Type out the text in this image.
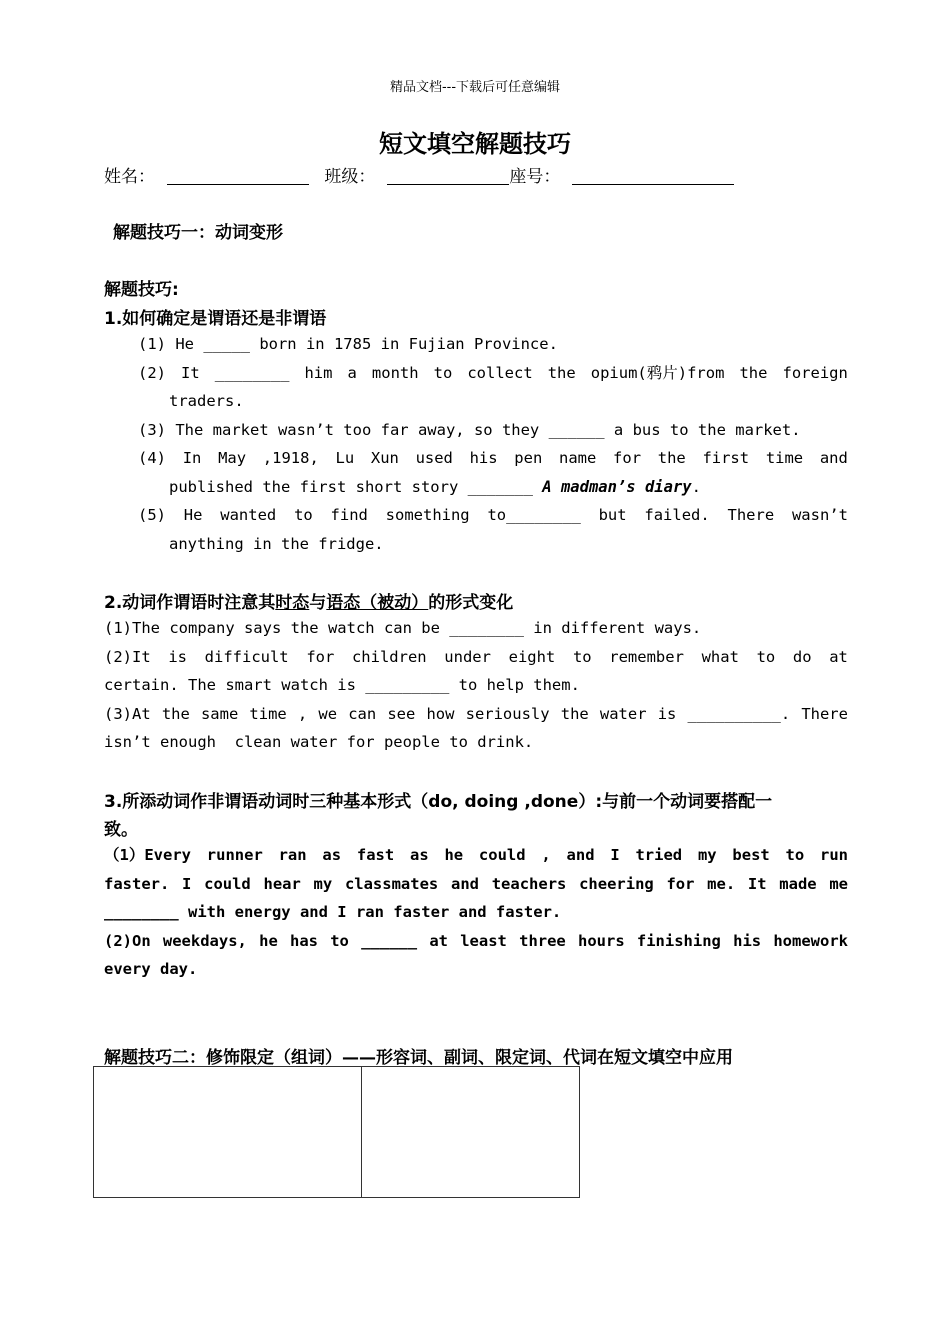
精品文档---下载后可任意编辑
短文填空解题技巧
姓名：	班级：	座号：
解题技巧一：动词变形
解题技巧:
1.如何确定是谓语还是非谓语
(1) He _____ born in 1785 in Fujian Province.
(2) It ________ him a month to collect the opium(鸦片)from the foreign
traders.
(3) The market wasn’t too far away, so they ______ a bus to the market.
(4) In May ,1918, Lu Xun used his pen name for the first time and
published the first short story _______ A madman’s diary.
(5) He wanted to find something to________ but failed. There wasn’t
anything in the fridge.
2.动词作谓语时注意其时态与语态（被动）的形式变化
(1)The company says the watch can be ________ in different ways.
(2)It is difficult for children under eight to remember what to do at
certain. The smart watch is _________ to help them.
(3)At the same time , we can see how seriously the water is __________. There
isn’t enough  clean water for people to drink.
3.所添动词作非谓语动词时三种基本形式（do, doing ,done）:与前一个动词要搭配一
致。
（1）Every runner ran as fast as he could , and I tried my best to run
faster. I could hear my classmates and teachers cheering for me. It made me
________ with energy and I ran faster and faster.
(2)On weekdays, he has to ______ at least three hours finishing his homework
every day.
解题技巧二：修饰限定（组词）——形容词、副词、限定词、代词在短文填空中应用
